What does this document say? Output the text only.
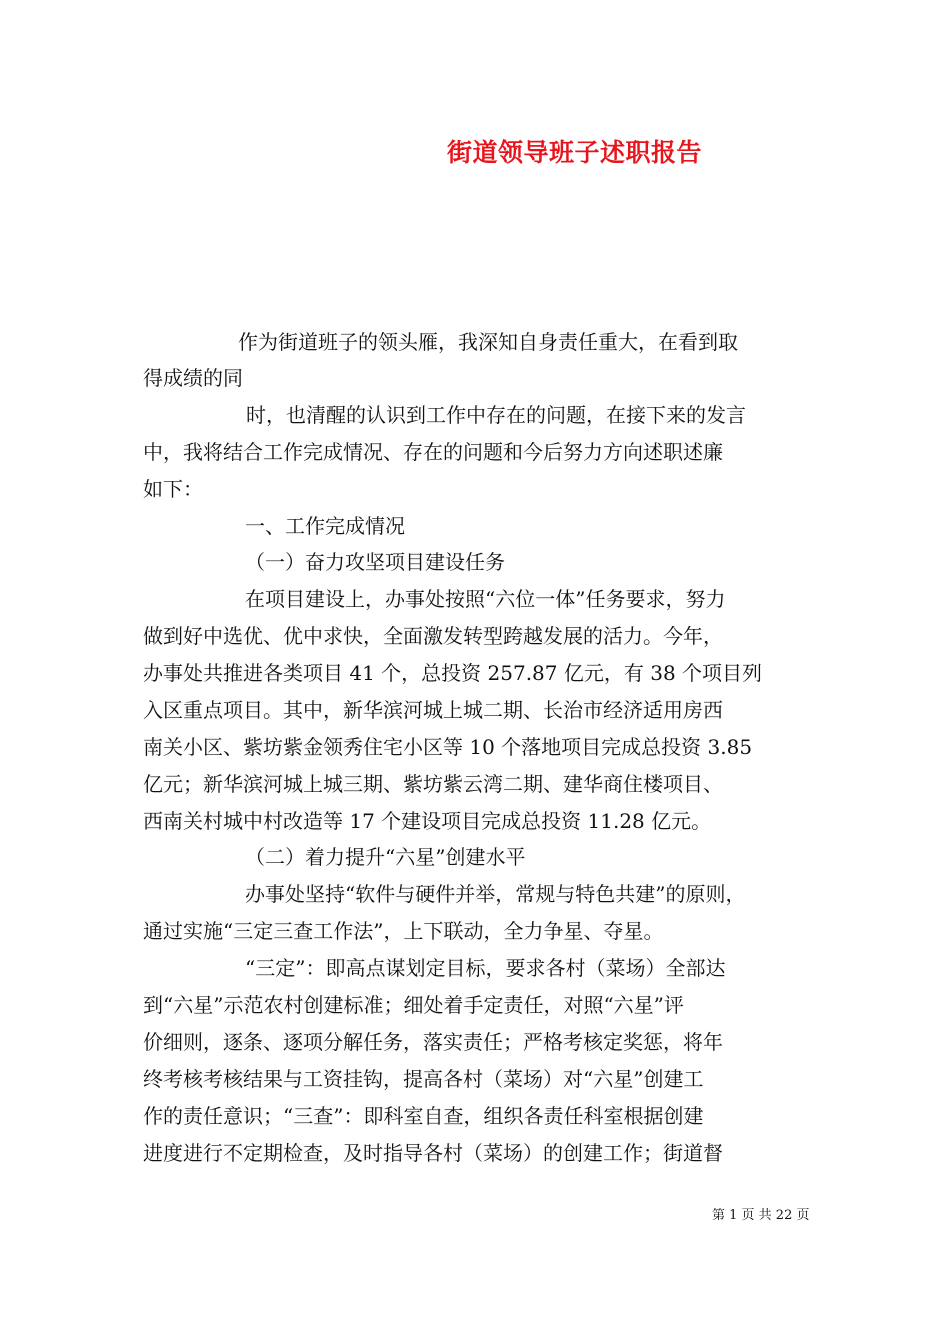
街道领导班子述职报告
作为街道班子的领头雁，我深知自身责任重大，在看到取
得成绩的同
时，也清醒的认识到工作中存在的问题，在接下来的发言
中，我将结合工作完成情况、存在的问题和今后努力方向述职述廉
如下：
一、工作完成情况
（一）奋力攻坚项目建设任务
在项目建设上，办事处按照“六位一体”任务要求，努力
做到好中选优、优中求快，全面激发转型跨越发展的活力。今年，
办事处共推进各类项目 41 个，总投资 257.87 亿元，有 38 个项目列
入区重点项目。其中，新华滨河城上城二期、长治市经济适用房西
南关小区、紫坊紫金领秀住宅小区等 10 个落地项目完成总投资 3.85
亿元；新华滨河城上城三期、紫坊紫云湾二期、建华商住楼项目、
西南关村城中村改造等 17 个建设项目完成总投资 11.28 亿元。
（二）着力提升“六星”创建水平
办事处坚持“软件与硬件并举，常规与特色共建”的原则，
通过实施“三定三查工作法”，上下联动，全力争星、夺星。
“三定”：即高点谋划定目标，要求各村（菜场）全部达
到“六星”示范农村创建标准；细处着手定责任，对照“六星”评
价细则，逐条、逐项分解任务，落实责任；严格考核定奖惩，将年
终考核考核结果与工资挂钩，提高各村（菜场）对“六星”创建工
作的责任意识；“三查”：即科室自查，组织各责任科室根据创建
进度进行不定期检查，及时指导各村（菜场）的创建工作；街道督
第 1 页 共 22 页
